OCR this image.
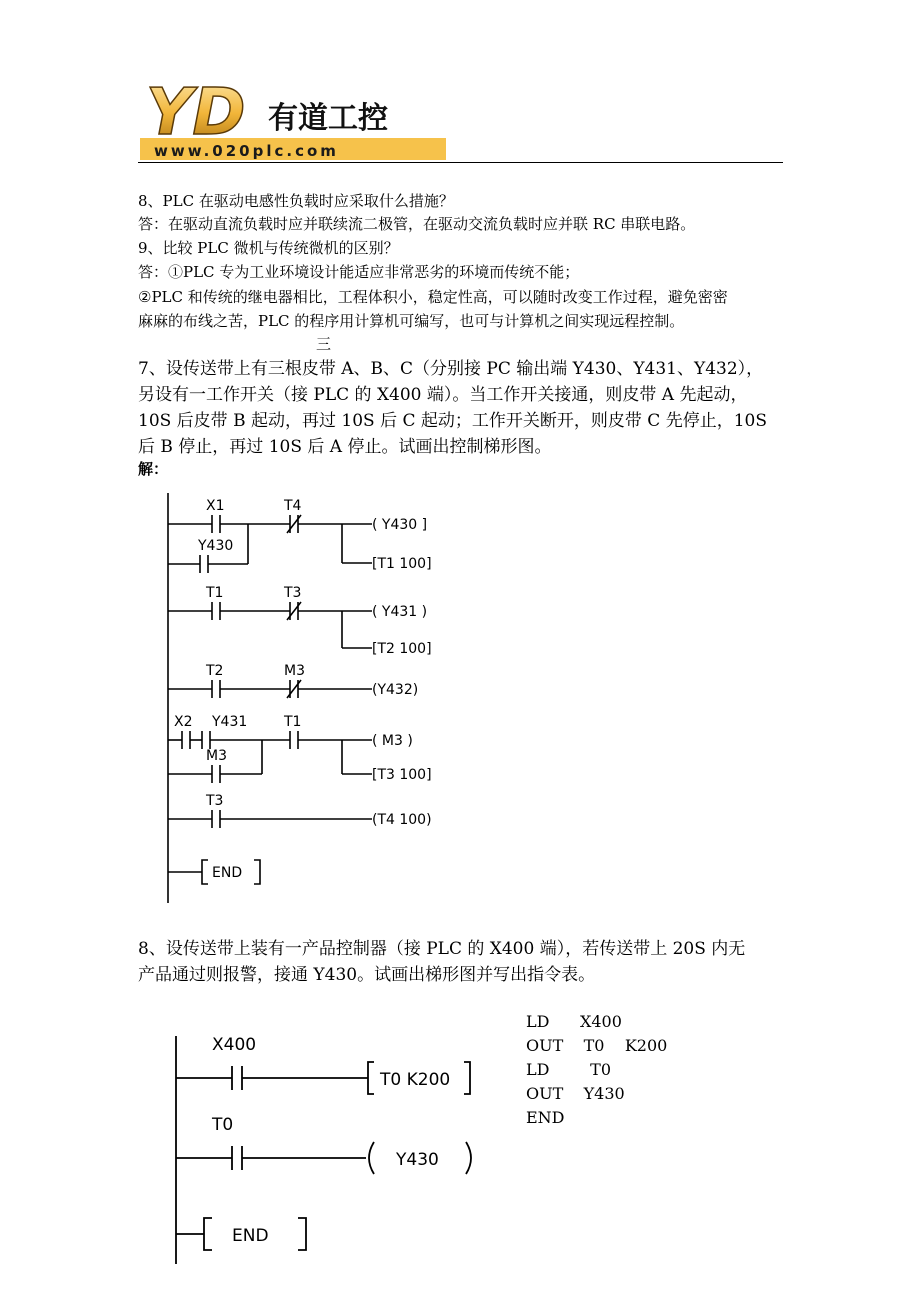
YD 有道工控
www.020plc.com
8、PLC 在驱动电感性负载时应采取什么措施？
答：在驱动直流负载时应并联续流二极管，在驱动交流负载时应并联 RC 串联电路。
9、比较 PLC 微机与传统微机的区别？
答：①PLC 专为工业环境设计能适应非常恶劣的环境而传统不能；
②PLC 和传统的继电器相比，工程体积小，稳定性高，可以随时改变工作过程，避免密密
麻麻的布线之苦，PLC 的程序用计算机可编写，也可与计算机之间实现远程控制。
三
7、设传送带上有三根皮带 A、B、C（分别接 PC 输出端 Y430、Y431、Y432），
另设有一工作开关（接 PLC 的 X400 端）。当工作开关接通，则皮带 A 先起动，
10S 后皮带 B 起动，再过 10S 后 C 起动；工作开关断开，则皮带 C 先停止，10S
后 B 停止，再过 10S 后 A 停止。试画出控制梯形图。
解：
X1	T4
( Y430 ]
Y430
[T1 100]
T1	T3
( Y431 )
[T2 100]
T2	M3
(Y432)
X2 Y431	T1
( M3 )
M3
[T3 100]
T3
(T4 100)
END
8、设传送带上装有一产品控制器（接 PLC 的 X400 端），若传送带上 20S 内无
产品通过则报警，接通 Y430。试画出梯形图并写出指令表。
X400
T0 K200
T0
Y430
END
LD      X400
OUT    T0    K200
LD        T0
OUT    Y430
END
